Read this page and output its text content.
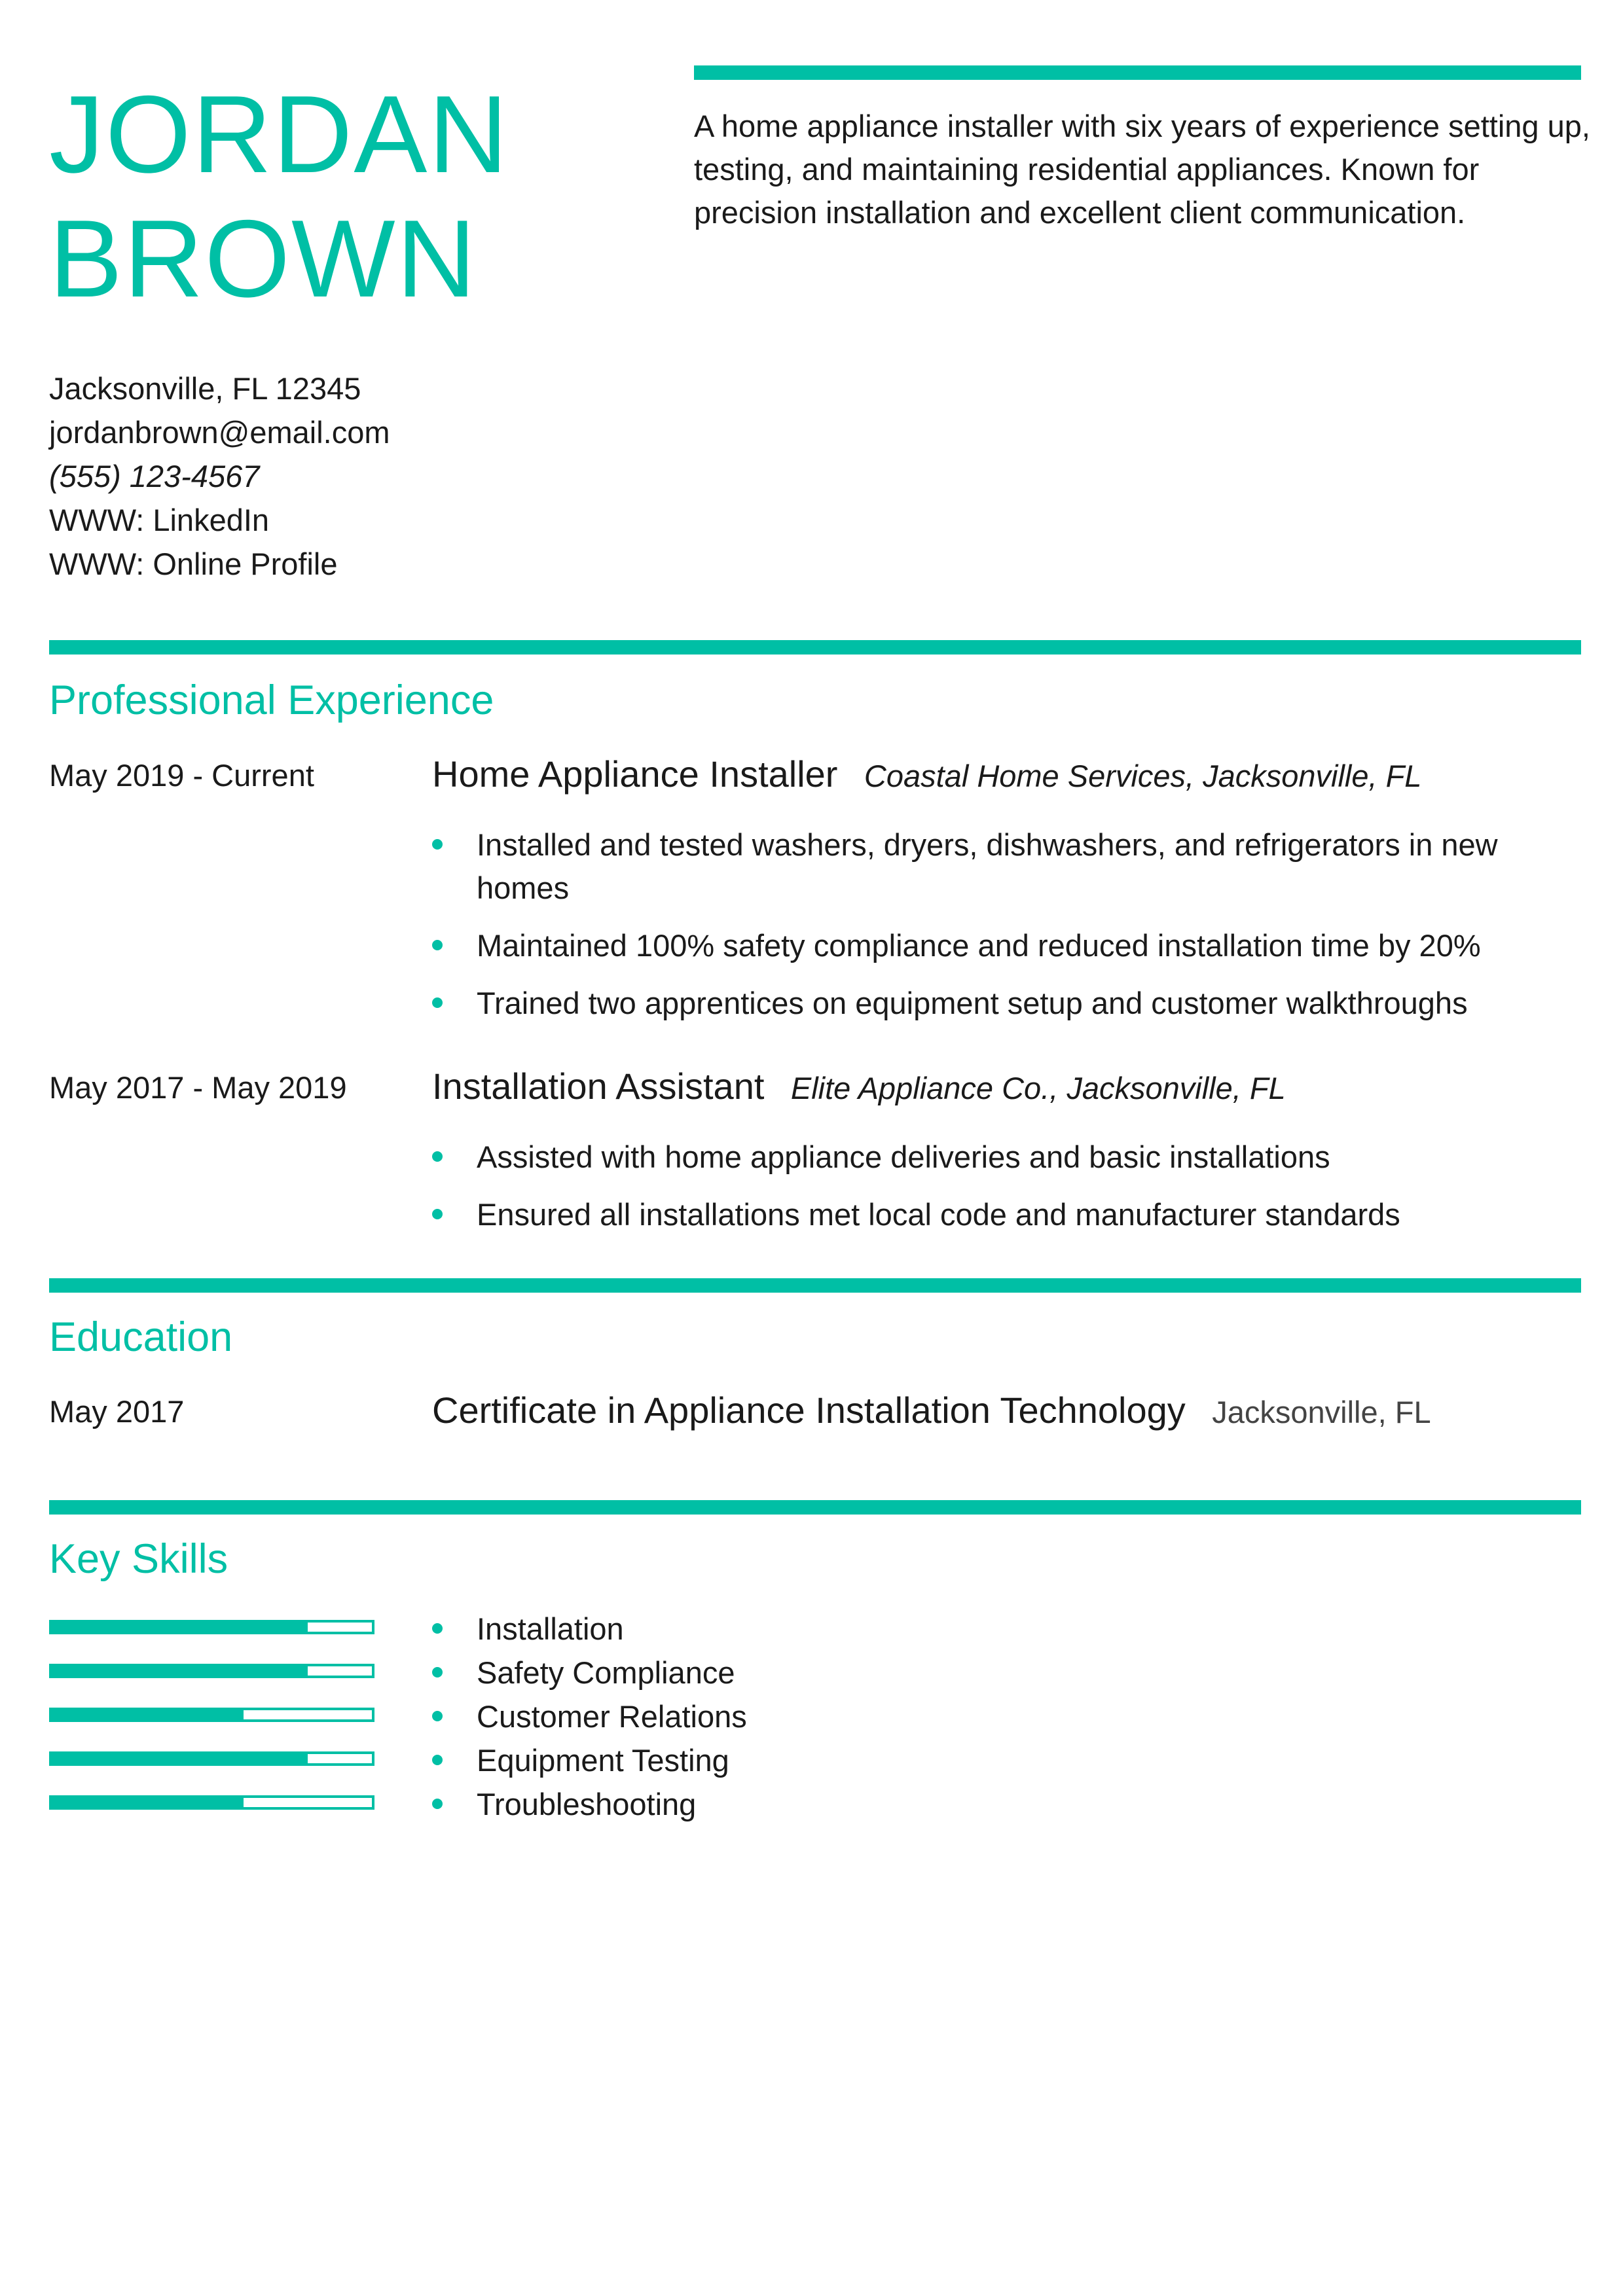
JORDAN
BROWN
A home appliance installer with six years of experience setting up, testing, and maintaining residential appliances. Known for precision installation and excellent client communication.
Jacksonville, FL 12345
jordanbrown@email.com
(555) 123-4567
WWW: LinkedIn
WWW: Online Profile
Professional Experience
May 2019 - Current	Home Appliance Installer Coastal Home Services, Jacksonville, FL
Installed and tested washers, dryers, dishwashers, and refrigerators in new homes
Maintained 100% safety compliance and reduced installation time by 20%
Trained two apprentices on equipment setup and customer walkthroughs
May 2017 - May 2019 Installation Assistant Elite Appliance Co., Jacksonville, FL
Assisted with home appliance deliveries and basic installations
Ensured all installations met local code and manufacturer standards
Education
May 2017	Certificate in Appliance Installation Technology Jacksonville, FL
Key Skills
Installation
Safety Compliance
Customer Relations
Equipment Testing
Troubleshooting
